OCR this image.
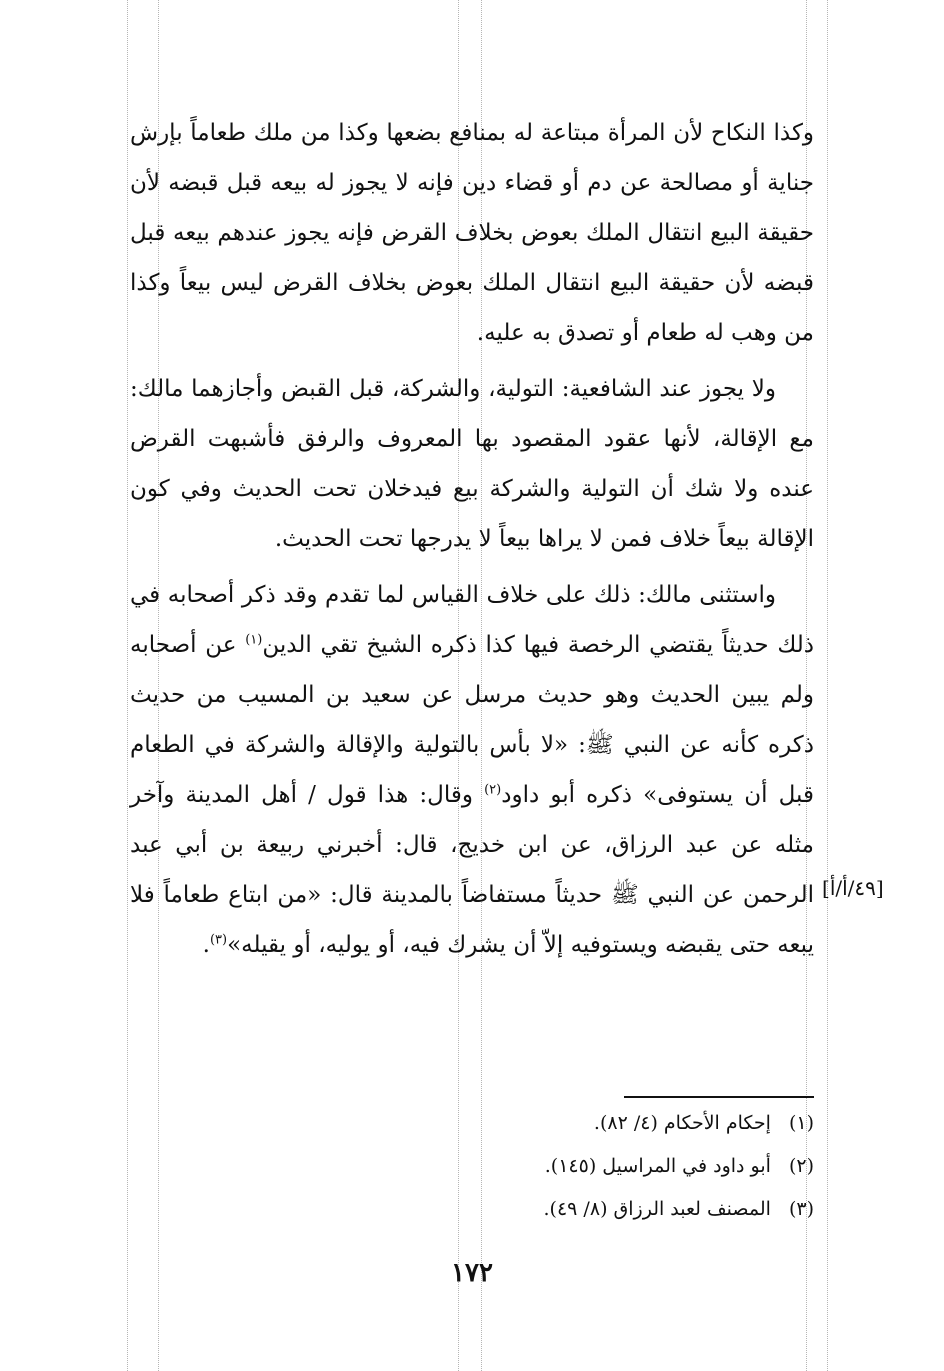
وكذا النكاح لأن المرأة مبتاعة له بمنافع بضعها وكذا من ملك طعاماً بإرش جناية أو مصالحة عن دم أو قضاء دين فإنه لا يجوز له بيعه قبل قبضه لأن حقيقة البيع انتقال الملك بعوض بخلاف القرض فإنه يجوز عندهم بيعه قبل قبضه لأن حقيقة البيع انتقال الملك بعوض بخلاف القرض ليس بيعاً وكذا من وهب له طعام أو تصدق به عليه.

ولا يجوز عند الشافعية: التولية، والشركة، قبل القبض وأجازهما مالك: مع الإقالة، لأنها عقود المقصود بها المعروف والرفق فأشبهت القرض عنده ولا شك أن التولية والشركة بيع فيدخلان تحت الحديث وفي كون الإقالة بيعاً خلاف فمن لا يراها بيعاً لا يدرجها تحت الحديث.

واستثنى مالك: ذلك على خلاف القياس لما تقدم وقد ذكر أصحابه في ذلك حديثاً يقتضي الرخصة فيها كذا ذكره الشيخ تقي الدين$^{(١)}$ عن أصحابه ولم يبين الحديث وهو حديث مرسل عن سعيد بن المسيب من حديث ذكره كأنه عن النبي ﷺ: «لا بأس بالتولية والإقالة والشركة في الطعام قبل أن يستوفى» ذكره أبو داود$^{(٢)}$ وقال: هذا قول / أهل المدينة وآخر مثله عن عبد الرزاق، عن ابن خديج، قال: أخبرني ربيعة بن أبي عبد الرحمن عن النبي ﷺ حديثاً مستفاضاً بالمدينة قال: «من ابتاع طعاماً فلا يبعه حتى يقبضه ويستوفيه إلاّ أن يشرك فيه، أو يوليه، أو يقيله»$^{(٣)}$.

[٤٩/أ/أ]

(١)إحكام الأحكام (٤/ ٨٢).

(٢)أبو داود في المراسيل (١٤٥).

(٣)المصنف لعبد الرزاق (٨/ ٤٩).

١٧٢
